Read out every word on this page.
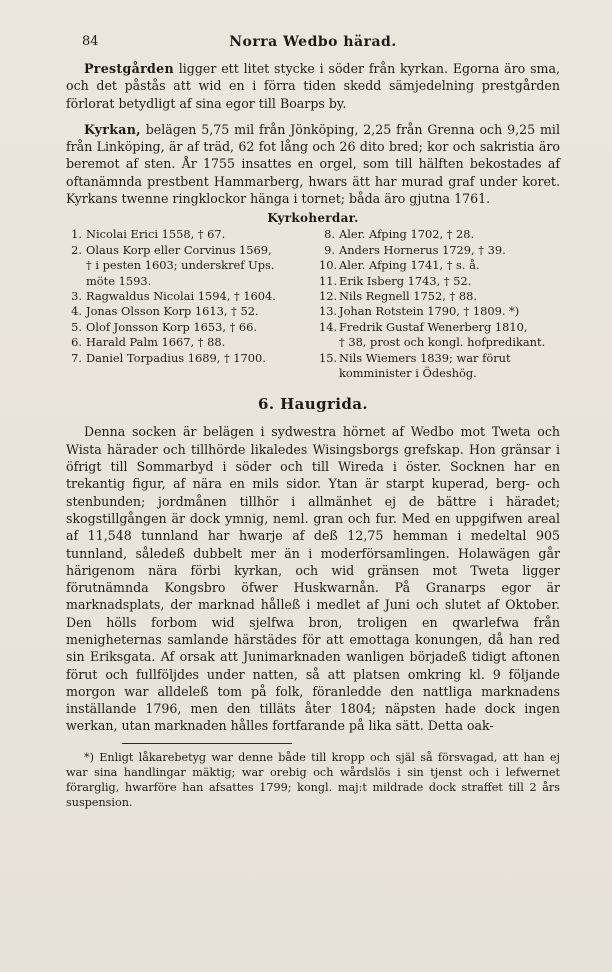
84	Norra Wedbo härad.

Prestgården ligger ett litet stycke i söder från kyrkan. Egorna äro sma, och det påstås att wid en i förra tiden skedd sämjedelning prestgården förlorat betydligt af sina egor till Boarps by.

Kyrkan, belägen 5,75 mil från Jönköping, 2,25 från Grenna och 9,25 mil från Linköping, är af träd, 62 fot lång och 26 dito bred; kor och sakristia äro beremot af sten. År 1755 insattes en orgel, som till hälften bekostades af oftanämnda prestbent Hammarberg, hwars ätt har murad graf under koret. Kyrkans twenne ringklockor hänga i tornet; båda äro gjutna 1761.

Kyrkoherdar.
1. Nicolai Erici 1558, † 67.
2. Olaus Korp eller Corvinus 1569,
† i pesten 1603; underskref Ups. möte 1593.
3. Ragwaldus Nicolai 1594, † 1604.
4. Jonas Olsson Korp 1613, † 52.
5. Olof Jonsson Korp 1653, † 66.
6. Harald Palm 1667, † 88.
7. Daniel Torpadius 1689, † 1700.
8. Aler. Afping 1702, † 28.
9. Anders Hornerus 1729, † 39.
10. Aler. Afping 1741, † s. å.
11. Erik Isberg 1743, † 52.
12. Nils Regnell 1752, † 88.
13. Johan Rotstein 1790, † 1809. *)
14. Fredrik Gustaf Wenerberg 1810,
† 38, prost och kongl. hofpredikant.
15. Nils Wiemers 1839; war förut
komminister i Ödeshög.
6. Haugrida.

Denna socken är belägen i sydwestra hörnet af Wedbo mot Tweta och Wista härader och tillhörde likaledes Wisingsborgs grefskap. Hon gränsar i öfrigt till Sommarbyd i söder och till Wireda i öster. Socknen har en trekantig figur, af nära en mils sidor. Ytan är starpt kuperad, berg- och stenbunden; jordmånen tillhör i allmänhet ej de bättre i häradet; skogstillgången är dock ymnig, neml. gran och fur. Med en uppgifwen areal af 11,548 tunnland har hwarje af deß 12,75 hemman i medeltal 905 tunnland, såledeß dubbelt mer än i moderförsamlingen. Holawägen går härigenom nära förbi kyrkan, och wid gränsen mot Tweta ligger förutnämnda Kongsbro öfwer Huskwarnån. På Granarps egor är marknadsplats, der marknad hålleß i medlet af Juni och slutet af Oktober. Den hölls forbom wid sjelfwa bron, troligen en qwarlefwa från menigheternas samlande härstädes för att emottaga konungen, då han red sin Eriksgata. Af orsak att Junimarknaden wanligen börjadeß tidigt aftonen förut och fullföljdes under natten, så att platsen omkring kl. 9 följande morgon war alldeleß tom på folk, föranledde den nattliga marknadens inställande 1796, men den tilläts åter 1804; näpsten hade dock ingen werkan, utan marknaden hålles fortfarande på lika sätt. Detta oak-

*) Enligt låkarebetyg war denne både till kropp och själ så försvagad, att han ej war sina handlingar mäktig; war orebig och wårdslös i sin tjenst och i lefwernet förarglig, hwarföre han afsattes 1799; kongl. maj:t mildrade dock straffet till 2 års suspension.
